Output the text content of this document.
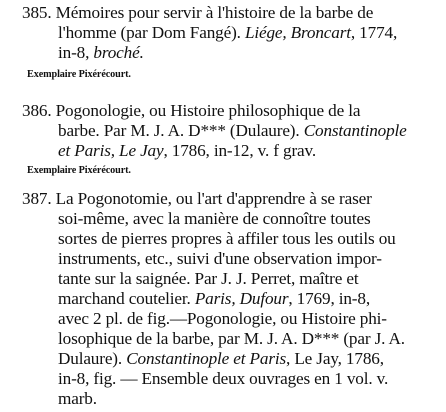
385. Mémoires pour servir à l'histoire de la barbe de
l'homme (par Dom Fangé). Liége, Broncart, 1774,
in-8, broché.
Exemplaire Pixérécourt.
386. Pogonologie, ou Histoire philosophique de la
barbe. Par M. J. A. D*** (Dulaure). Constantinople
et Paris, Le Jay, 1786, in-12, v. f grav.
Exemplaire Pixérécourt.
387. La Pogonotomie, ou l'art d'apprendre à se raser
soi-même, avec la manière de connoître toutes
sortes de pierres propres à affiler tous les outils ou
instruments, etc., suivi d'une observation impor-
tante sur la saignée. Par J. J. Perret, maître et
marchand coutelier. Paris, Dufour, 1769, in-8,
avec 2 pl. de fig.—Pogonologie, ou Histoire phi-
losophique de la barbe, par M. J. A. D*** (par J. A.
Dulaure). Constantinople et Paris, Le Jay, 1786,
in-8, fig. — Ensemble deux ouvrages en 1 vol. v.
marb.
